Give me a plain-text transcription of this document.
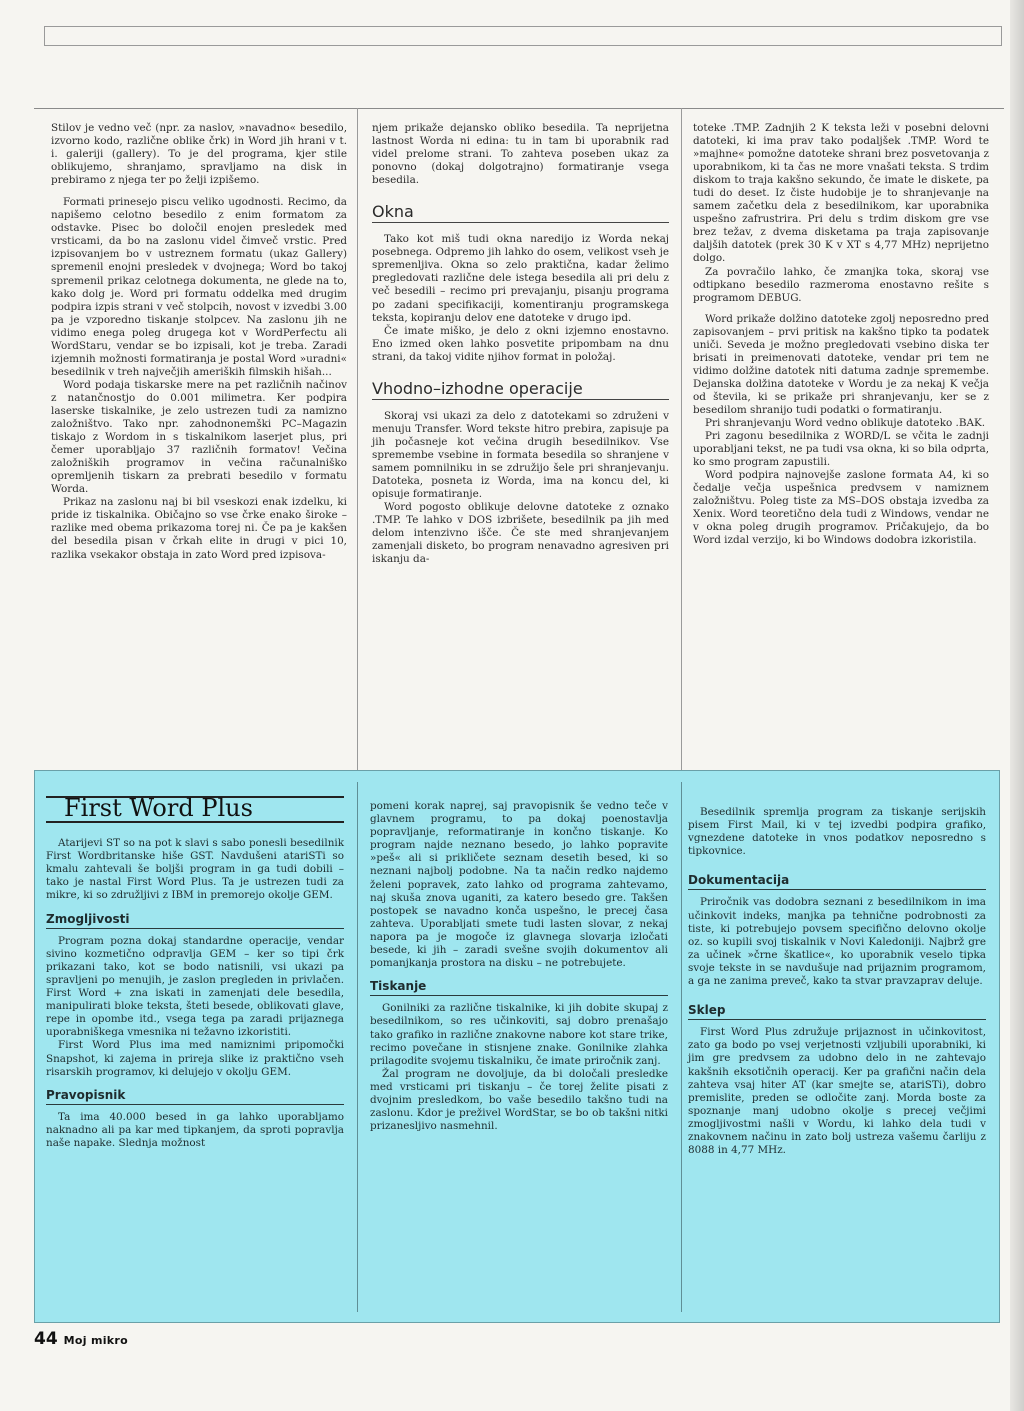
Stilov je vedno več (npr. za naslov, »navadno« besedilo, izvorno kodo, različne oblike črk) in Word jih hrani v t. i. galeriji (gallery). To je del programa, kjer stile oblikujemo, shranjamo, spravljamo na disk in prebiramo z njega ter po želji izpišemo.

Formati prinesejo piscu veliko ugodnosti. Recimo, da napišemo celotno besedilo z enim formatom za odstavke. Pisec bo določil enojen presledek med vrsticami, da bo na zaslonu videl čimveč vrstic. Pred izpisovanjem bo v ustreznem formatu (ukaz Gallery) spremenil enojni presledek v dvojnega; Word bo takoj spremenil prikaz celotnega dokumenta, ne glede na to, kako dolg je. Word pri formatu oddelka med drugim podpira izpis strani v več stolpcih, novost v izvedbi 3.00 pa je vzporedno tiskanje stolpcev. Na zaslonu jih ne vidimo enega poleg drugega kot v WordPerfectu ali WordStaru, vendar se bo izpisali, kot je treba. Zaradi izjemnih možnosti formatiranja je postal Word »uradni« besedilnik v treh največjih ameriških filmskih hišah...

Word podaja tiskarske mere na pet različnih načinov z natančnostjo do 0.001 milimetra. Ker podpira laserske tiskalnike, je zelo ustrezen tudi za namizno založništvo. Tako npr. zahodnonemški PC–Magazin tiskajo z Wordom in s tiskalnikom laserjet plus, pri čemer uporabljajo 37 različnih formatov! Večina založniških programov in večina računalniško opremljenih tiskarn za prebrati besedilo v formatu Worda.

Prikaz na zaslonu naj bi bil vseskozi enak izdelku, ki pride iz tiskalnika. Običajno so vse črke enako široke – razlike med obema prikazoma torej ni. Če pa je kakšen del besedila pisan v črkah elite in drugi v pici 10, razlika vsekakor obstaja in zato Word pred izpisova-

njem prikaže dejansko obliko besedila. Ta neprijetna lastnost Worda ni edina: tu in tam bi uporabnik rad videl prelome strani. To zahteva poseben ukaz za ponovno (dokaj dolgotrajno) formatiranje vsega besedila.

Okna

Tako kot miš tudi okna naredijo iz Worda nekaj posebnega. Odpremo jih lahko do osem, velikost vseh je spremenljiva. Okna so zelo praktična, kadar želimo pregledovati različne dele istega besedila ali pri delu z več besedili – recimo pri prevajanju, pisanju programa po zadani specifikaciji, komentiranju programskega teksta, kopiranju delov ene datoteke v drugo ipd.

Če imate miško, je delo z okni izjemno enostavno. Eno izmed oken lahko posvetite pripombam na dnu strani, da takoj vidite njihov format in položaj.

Vhodno–izhodne operacije

Skoraj vsi ukazi za delo z datotekami so združeni v menuju Transfer. Word tekste hitro prebira, zapisuje pa jih počasneje kot večina drugih besedilnikov. Vse spremembe vsebine in formata besedila so shranjene v samem pomnilniku in se združijo šele pri shranjevanju. Datoteka, posneta iz Worda, ima na koncu del, ki opisuje formatiranje.

Word pogosto oblikuje delovne datoteke z oznako .TMP. Te lahko v DOS izbrišete, besedilnik pa jih med delom intenzivno išče. Če ste med shranjevanjem zamenjali disketo, bo program nenavadno agresiven pri iskanju da-

toteke .TMP. Zadnjih 2 K teksta leži v posebni delovni datoteki, ki ima prav tako podaljšek .TMP. Word te »majhne« pomožne datoteke shrani brez posvetovanja z uporabnikom, ki ta čas ne more vnašati teksta. S trdim diskom to traja kakšno sekundo, če imate le diskete, pa tudi do deset. Iz čiste hudobije je to shranjevanje na samem začetku dela z besedilnikom, kar uporabnika uspešno zafrustrira. Pri delu s trdim diskom gre vse brez težav, z dvema disketama pa traja zapisovanje daljših datotek (prek 30 K v XT s 4,77 MHz) neprijetno dolgo.

Za povračilo lahko, če zmanjka toka, skoraj vse odtipkano besedilo razmeroma enostavno rešite s programom DEBUG.

Word prikaže dolžino datoteke zgolj neposredno pred zapisovanjem – prvi pritisk na kakšno tipko ta podatek uniči. Seveda je možno pregledovati vsebino diska ter brisati in preimenovati datoteke, vendar pri tem ne vidimo dolžine datotek niti datuma zadnje spremembe. Dejanska dolžina datoteke v Wordu je za nekaj K večja od števila, ki se prikaže pri shranjevanju, ker se z besedilom shranijo tudi podatki o formatiranju.

Pri shranjevanju Word vedno oblikuje datoteko .BAK.

Pri zagonu besedilnika z WORD/L se včita le zadnji uporabljani tekst, ne pa tudi vsa okna, ki so bila odprta, ko smo program zapustili.

Word podpira najnovejše zaslone formata A4, ki so čedalje večja uspešnica predvsem v namiznem založništvu. Poleg tiste za MS–DOS obstaja izvedba za Xenix. Word teoretično dela tudi z Windows, vendar ne v okna poleg drugih programov. Pričakujejo, da bo Word izdal verzijo, ki bo Windows dodobra izkoristila.

First Word Plus

Atarijevi ST so na pot k slavi s sabo ponesli besedilnik First Wordbritanske hiše GST. Navdušeni atariSTi so kmalu zahtevali še boljši program in ga tudi dobili – tako je nastal First Word Plus. Ta je ustrezen tudi za mikre, ki so združljivi z IBM in premorejo okolje GEM.

Zmogljivosti

Program pozna dokaj standardne operacije, vendar sivino kozmetično odpravlja GEM – ker so tipi črk prikazani tako, kot se bodo natisnili, vsi ukazi pa spravljeni po menujih, je zaslon pregleden in privlačen. First Word + zna iskati in zamenjati dele besedila, manipulirati bloke teksta, šteti besede, oblikovati glave, repe in opombe itd., vsega tega pa zaradi prijaznega uporabniškega vmesnika ni težavno izkoristiti.

First Word Plus ima med namiznimi pripomočki Snapshot, ki zajema in prireja slike iz praktično vseh risarskih programov, ki delujejo v okolju GEM.

Pravopisnik

Ta ima 40.000 besed in ga lahko uporabljamo naknadno ali pa kar med tipkanjem, da sproti popravlja naše napake. Slednja možnost

pomeni korak naprej, saj pravopisnik še vedno teče v glavnem programu, to pa dokaj poenostavlja popravljanje, reformatiranje in končno tiskanje. Ko program najde neznano besedo, jo lahko popravite »peš« ali si prikličete seznam desetih besed, ki so neznani najbolj podobne. Na ta način redko najdemo želeni popravek, zato lahko od programa zahtevamo, naj skuša znova uganiti, za katero besedo gre. Takšen postopek se navadno konča uspešno, le precej časa zahteva. Uporabljati smete tudi lasten slovar, z nekaj napora pa je mogoče iz glavnega slovarja izločati besede, ki jih – zaradi svešne svojih dokumentov ali pomanjkanja prostora na disku – ne potrebujete.

Tiskanje

Gonilniki za različne tiskalnike, ki jih dobite skupaj z besedilnikom, so res učinkoviti, saj dobro prenašajo tako grafiko in različne znakovne nabore kot stare trike, recimo povečane in stisnjene znake. Gonilnike zlahka prilagodite svojemu tiskalniku, če imate priročnik zanj.

Žal program ne dovoljuje, da bi določali presledke med vrsticami pri tiskanju – če torej želite pisati z dvojnim presledkom, bo vaše besedilo takšno tudi na zaslonu. Kdor je preživel WordStar, se bo ob takšni nitki prizanesljivo nasmehnil.

Besedilnik spremlja program za tiskanje serijskih pisem First Mail, ki v tej izvedbi podpira grafiko, vgnezdene datoteke in vnos podatkov neposredno s tipkovnice.

Dokumentacija

Priročnik vas dodobra seznani z besedilnikom in ima učinkovit indeks, manjka pa tehnične podrobnosti za tiste, ki potrebujejo povsem specifično delovno okolje oz. so kupili svoj tiskalnik v Novi Kaledoniji. Najbrž gre za učinek »črne škatlice«, ko uporabnik veselo tipka svoje tekste in se navdušuje nad prijaznim programom, a ga ne zanima preveč, kako ta stvar pravzaprav deluje.

Sklep

First Word Plus združuje prijaznost in učinkovitost, zato ga bodo po vsej verjetnosti vzljubili uporabniki, ki jim gre predvsem za udobno delo in ne zahtevajo kakšnih eksotičnih operacij. Ker pa grafični način dela zahteva vsaj hiter AT (kar smejte se, atariSTi), dobro premislite, preden se odločite zanj. Morda boste za spoznanje manj udobno okolje s precej večjimi zmogljivostmi našli v Wordu, ki lahko dela tudi v znakovnem načinu in zato bolj ustreza vašemu čarliju z 8088 in 4,77 MHz.

44 Moj mikro
